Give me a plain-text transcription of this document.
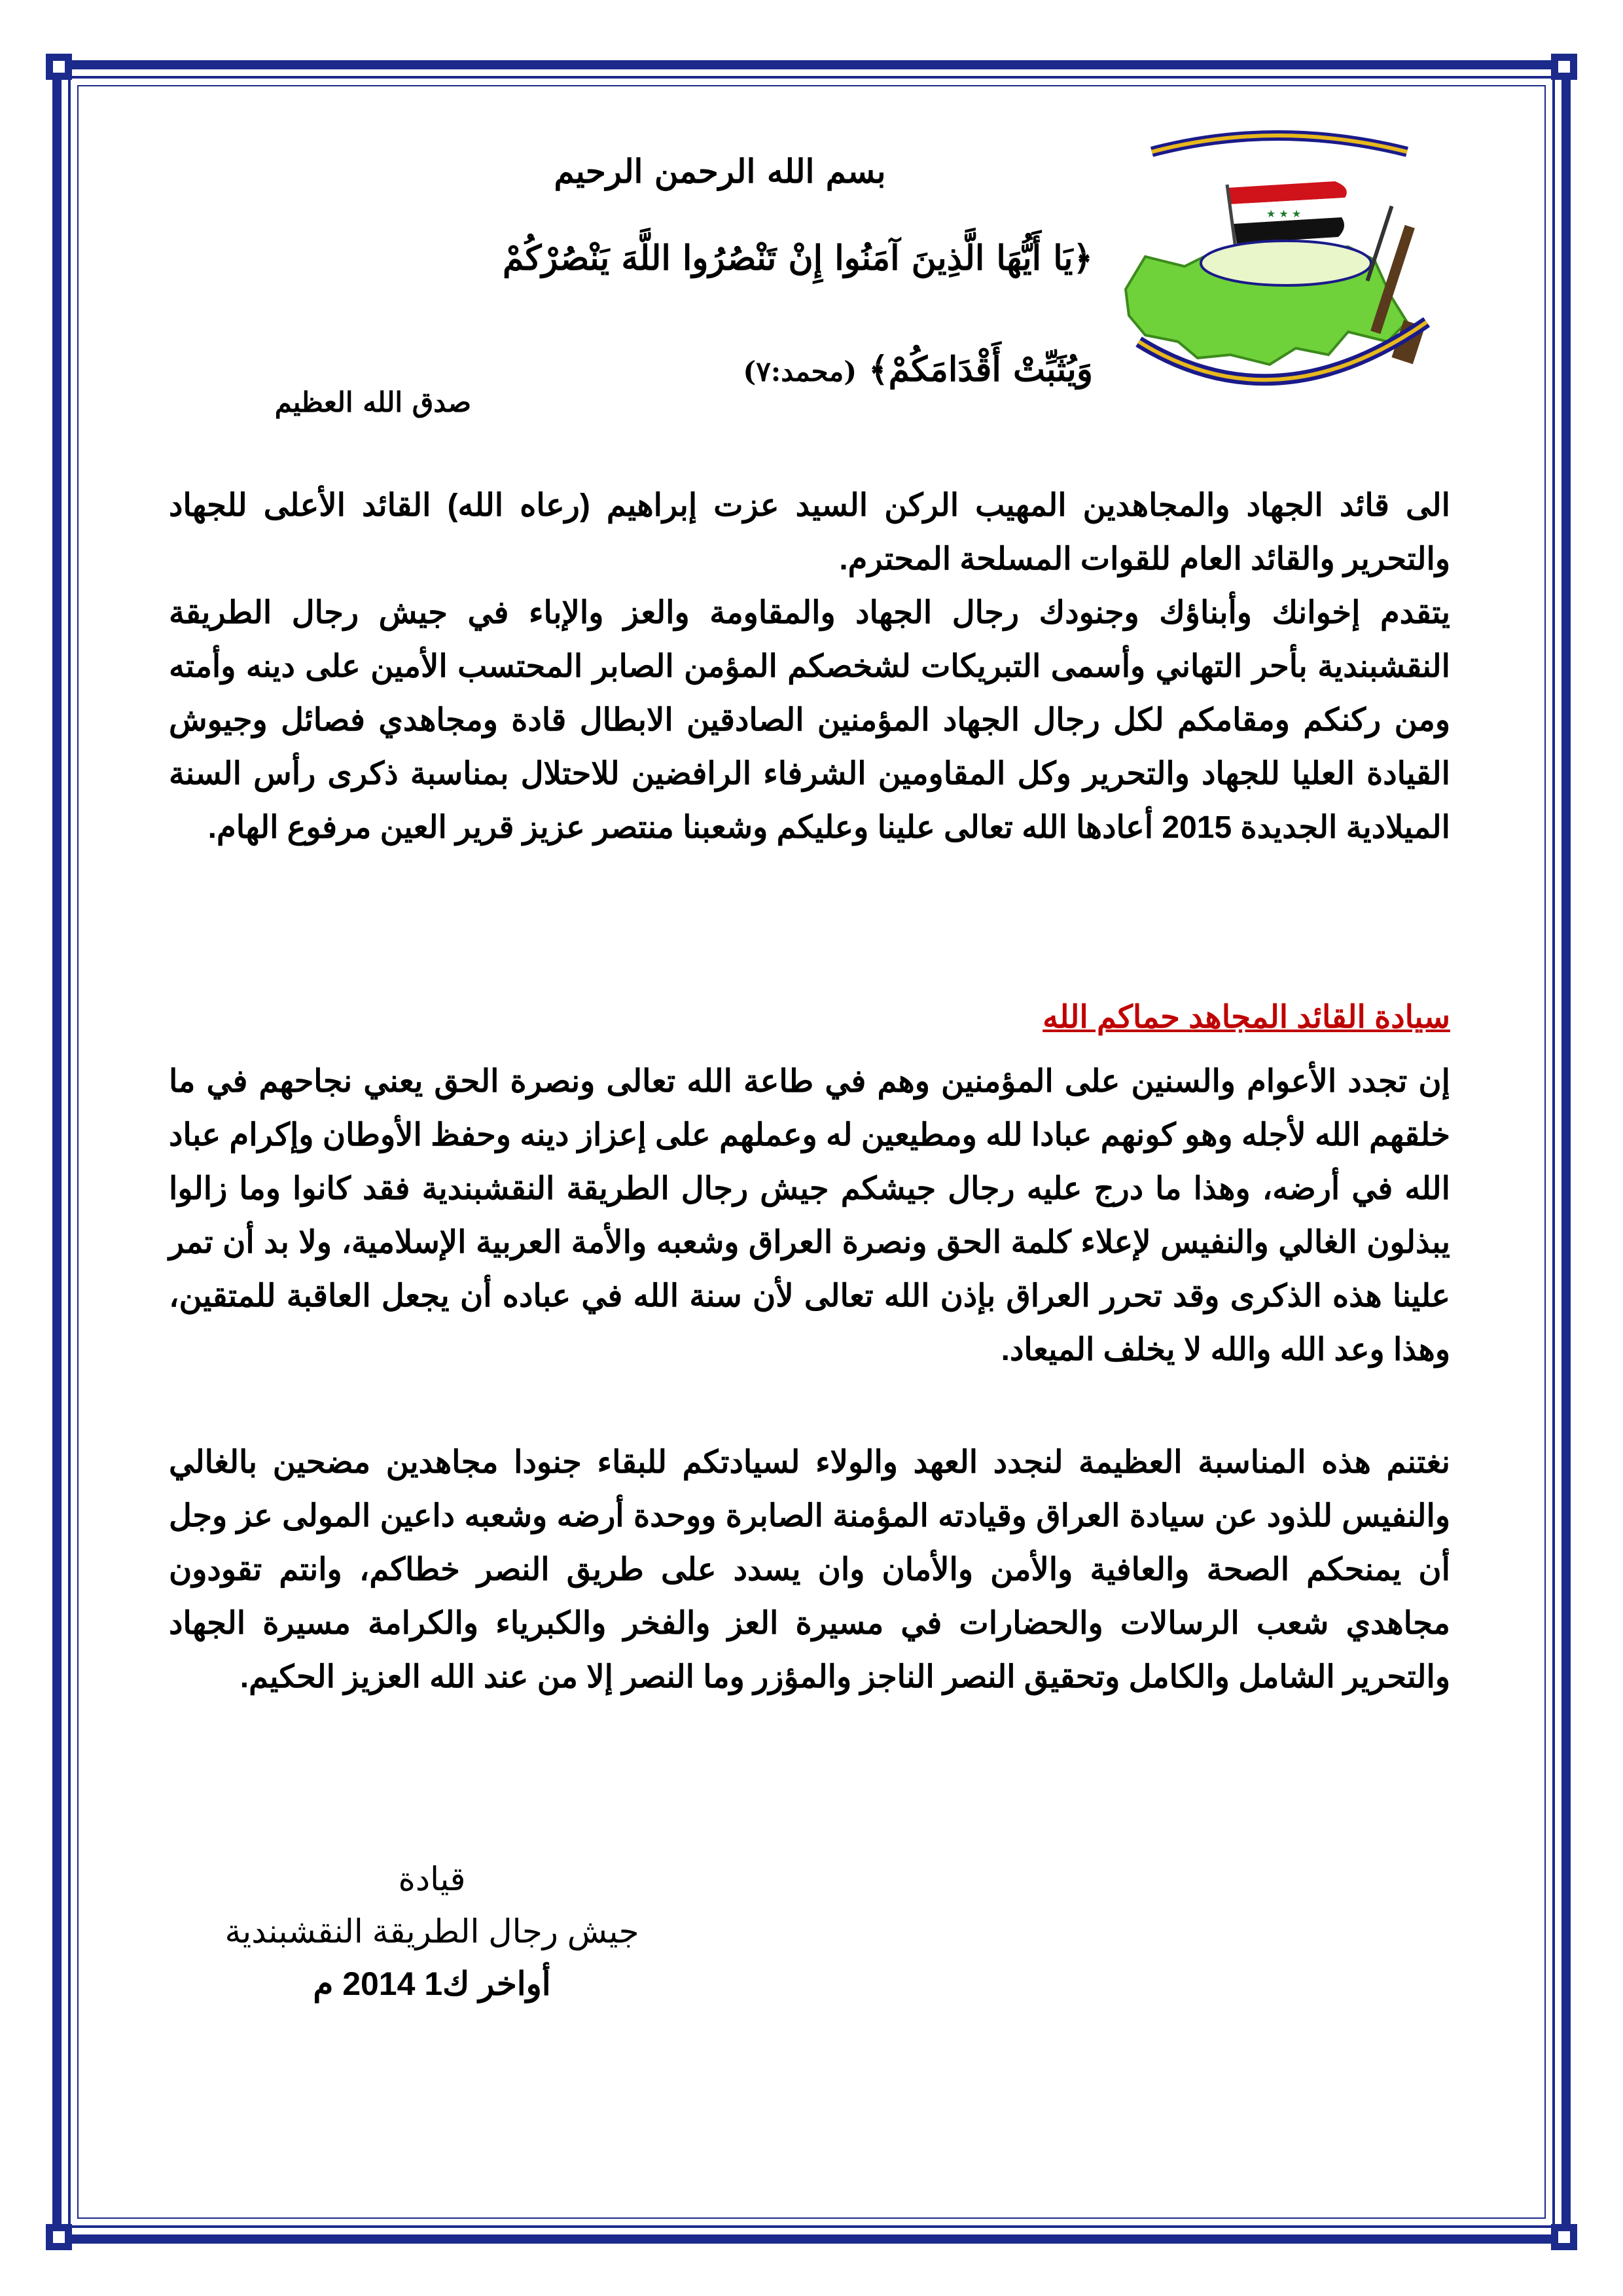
بسم الله الرحمن الرحيم
﴿يَا أَيُّهَا الَّذِينَ آمَنُوا إِنْ تَنْصُرُوا اللَّهَ يَنْصُرْكُمْ
وَيُثَبِّتْ أَقْدَامَكُمْ﴾ (محمد:٧)
صدق الله العظيم
★ ★ ★
الى قائد الجهاد والمجاهدين المهيب الركن السيد عزت إبراهيم (رعاه الله) القائد الأعلى للجهاد والتحرير والقائد العام للقوات المسلحة المحترم.
يتقدم إخوانك وأبناؤك وجنودك رجال الجهاد والمقاومة والعز والإباء في جيش رجال الطريقة النقشبندية بأحر التهاني وأسمى التبريكات لشخصكم المؤمن الصابر المحتسب الأمين على دينه وأمته ومن ركنكم ومقامكم لكل رجال الجهاد المؤمنين الصادقين الابطال قادة ومجاهدي فصائل وجيوش القيادة العليا للجهاد والتحرير وكل المقاومين الشرفاء الرافضين للاحتلال بمناسبة ذكرى رأس السنة الميلادية الجديدة 2015 أعادها الله تعالى علينا وعليكم وشعبنا منتصر عزيز قرير العين مرفوع الهام.
سيادة القائد المجاهد حماكم الله
إن تجدد الأعوام والسنين على المؤمنين وهم في طاعة الله تعالى ونصرة الحق يعني نجاحهم في ما خلقهم الله لأجله وهو كونهم عبادا لله ومطيعين له وعملهم على إعزاز دينه وحفظ الأوطان وإكرام عباد الله في أرضه، وهذا ما درج عليه رجال جيشكم جيش رجال الطريقة النقشبندية فقد كانوا وما زالوا يبذلون الغالي والنفيس لإعلاء كلمة الحق ونصرة العراق وشعبه والأمة العربية الإسلامية، ولا بد أن تمر علينا هذه الذكرى وقد تحرر العراق بإذن الله تعالى لأن سنة الله في عباده أن يجعل العاقبة للمتقين، وهذا وعد الله والله لا يخلف الميعاد.
نغتنم هذه المناسبة العظيمة لنجدد العهد والولاء لسيادتكم للبقاء جنودا مجاهدين مضحين بالغالي والنفيس للذود عن سيادة العراق وقيادته المؤمنة الصابرة ووحدة أرضه وشعبه داعين المولى عز وجل أن يمنحكم الصحة والعافية والأمن والأمان وان يسدد على طريق النصر خطاكم، وانتم تقودون مجاهدي شعب الرسالات والحضارات في مسيرة العز والفخر والكبرياء والكرامة مسيرة الجهاد والتحرير الشامل والكامل وتحقيق النصر الناجز والمؤزر وما النصر إلا من عند الله العزيز الحكيم.
قيادة
جيش رجال الطريقة النقشبندية
أواخر ك1 2014 م
